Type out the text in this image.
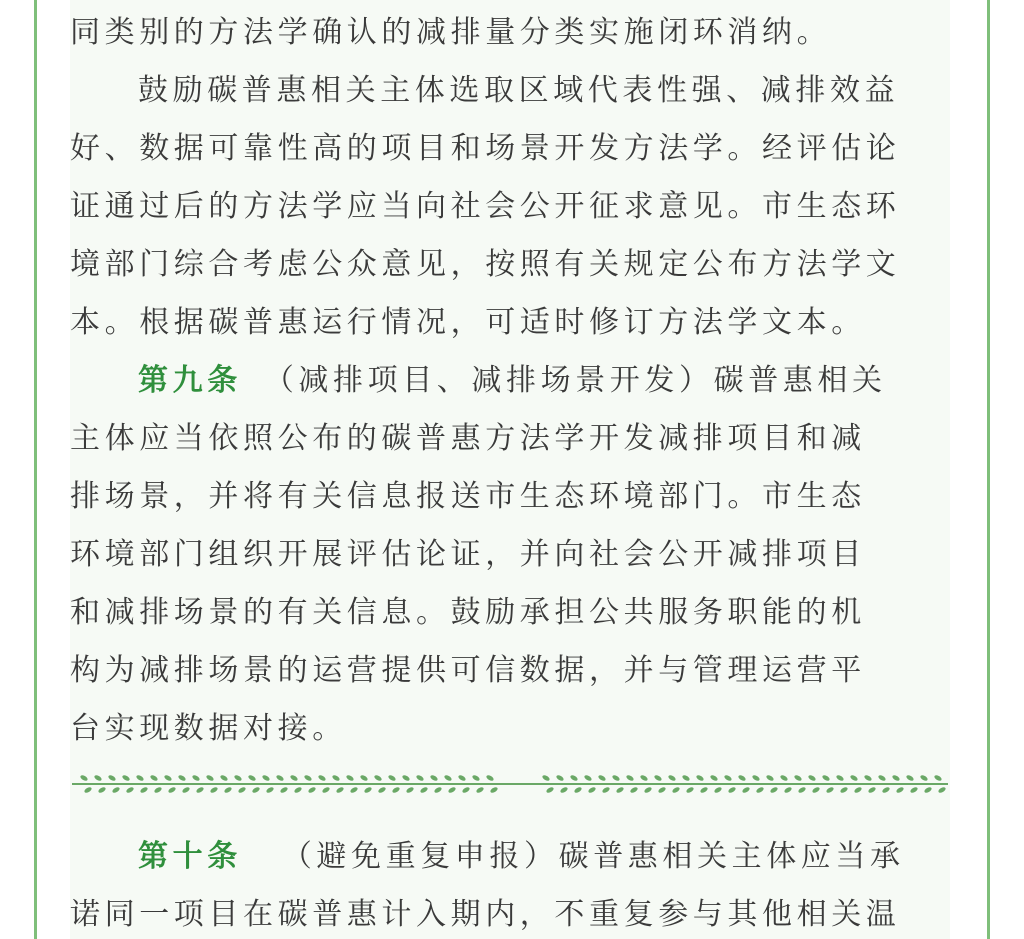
同类别的方法学确认的减排量分类实施闭环消纳。
鼓励碳普惠相关主体选取区域代表性强、减排效益
好、数据可靠性高的项目和场景开发方法学。经评估论
证通过后的方法学应当向社会公开征求意见。市生态环
境部门综合考虑公众意见，按照有关规定公布方法学文
本。根据碳普惠运行情况，可适时修订方法学文本。
第九条 （减排项目、减排场景开发）碳普惠相关
主体应当依照公布的碳普惠方法学开发减排项目和减
排场景，并将有关信息报送市生态环境部门。市生态
环境部门组织开展评估论证，并向社会公开减排项目
和减排场景的有关信息。鼓励承担公共服务职能的机
构为减排场景的运营提供可信数据，并与管理运营平
台实现数据对接。
第十条 （避免重复申报）碳普惠相关主体应当承
诺同一项目在碳普惠计入期内，不重复参与其他相关温
